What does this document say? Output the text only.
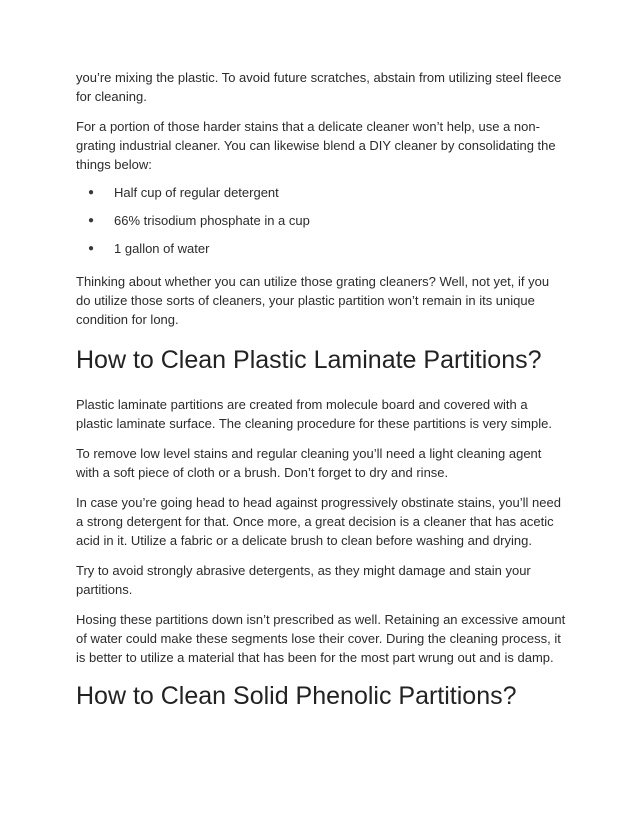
you’re mixing the plastic. To avoid future scratches, abstain from utilizing steel fleece for cleaning.

For a portion of those harder stains that a delicate cleaner won’t help, use a non-grating industrial cleaner. You can likewise blend a DIY cleaner by consolidating the things below:

● Half cup of regular detergent
● 66% trisodium phosphate in a cup
● 1 gallon of water

Thinking about whether you can utilize those grating cleaners? Well, not yet, if you do utilize those sorts of cleaners, your plastic partition won’t remain in its unique condition for long.

How to Clean Plastic Laminate Partitions?

Plastic laminate partitions are created from molecule board and covered with a plastic laminate surface. The cleaning procedure for these partitions is very simple.

To remove low level stains and regular cleaning you’ll need a light cleaning agent with a soft piece of cloth or a brush. Don’t forget to dry and rinse.

In case you’re going head to head against progressively obstinate stains, you’ll need a strong detergent for that. Once more, a great decision is a cleaner that has acetic acid in it. Utilize a fabric or a delicate brush to clean before washing and drying.

Try to avoid strongly abrasive detergents, as they might damage and stain your partitions.

Hosing these partitions down isn’t prescribed as well. Retaining an excessive amount of water could make these segments lose their cover. During the cleaning process, it is better to utilize a material that has been for the most part wrung out and is damp.

How to Clean Solid Phenolic Partitions?
